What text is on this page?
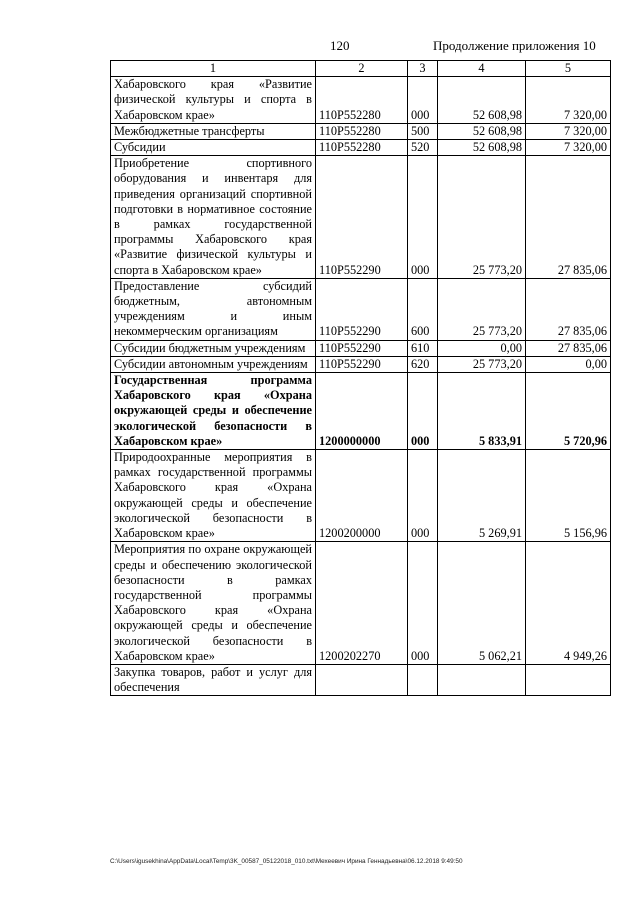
120	Продолжение приложения 10
1	2	3	4	5
Хабаровского края «Развитие физической культуры и спорта в Хабаровском крае»	110P552280	000	52 608,98	7 320,00
Межбюджетные трансферты	110P552280	500	52 608,98	7 320,00
Субсидии	110P552280	520	52 608,98	7 320,00
Приобретение спортивного оборудования и инвентаря для приведения организаций спортивной подготовки в нормативное состояние в рамках государственной программы Хабаровского края «Развитие физической культуры и спорта в Хабаровском крае»	110P552290	000	25 773,20	27 835,06
Предоставление субсидий бюджетным, автономным учреждениям и иным некоммерческим организациям	110P552290	600	25 773,20	27 835,06
Субсидии бюджетным учреждениям	110P552290	610	0,00	27 835,06
Субсидии автономным учреждениям	110P552290	620	25 773,20	0,00
Государственная программа Хабаровского края «Охрана окружающей среды и обеспечение экологической безопасности в Хабаровском крае»	1200000000	000	5 833,91	5 720,96
Природоохранные мероприятия в рамках государственной программы Хабаровского края «Охрана окружающей среды и обеспечение экологической безопасности в Хабаровском крае»	1200200000	000	5 269,91	5 156,96
Мероприятия по охране окружающей среды и обеспечению экологической безопасности в рамках государственной программы Хабаровского края «Охрана окружающей среды и обеспечение экологической безопасности в Хабаровском крае»	1200202270	000	5 062,21	4 949,26
Закупка товаров, работ и услуг для обеспечения				
C:\Users\igusekhina\AppData\Local\Temp\3K_00587_05122018_010.txt\Мехеевич Ирина Геннадьевна\06.12.2018 9:49:50
